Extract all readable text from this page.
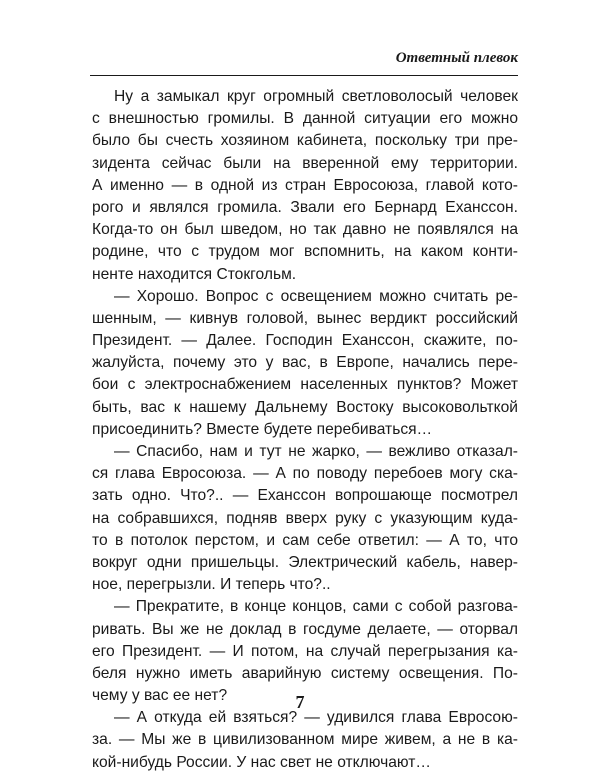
Ответный плевок
Ну а замыкал круг огромный светловолосый человек
с внешностью громилы. В данной ситуации его можно
было бы счесть хозяином кабинета, поскольку три пре-
зидента сейчас были на вверенной ему территории.
А именно — в одной из стран Евросоюза, главой кото-
рого и являлся громила. Звали его Бернард Еханссон.
Когда-то он был шведом, но так давно не появлялся на
родине, что с трудом мог вспомнить, на каком конти-
ненте находится Стокгольм.
— Хорошо. Вопрос с освещением можно считать ре-
шенным, — кивнув головой, вынес вердикт российский
Президент. — Далее. Господин Еханссон, скажите, по-
жалуйста, почему это у вас, в Европе, начались пере-
бои с электроснабжением населенных пунктов? Может
быть, вас к нашему Дальнему Востоку высоковольткой
присоединить? Вместе будете перебиваться…
— Спасибо, нам и тут не жарко, — вежливо отказал-
ся глава Евросоюза. — А по поводу перебоев могу ска-
зать одно. Что?.. — Еханссон вопрошающе посмотрел
на собравшихся, подняв вверх руку с указующим куда-
то в потолок перстом, и сам себе ответил: — А то, что
вокруг одни пришельцы. Электрический кабель, навер-
ное, перегрызли. И теперь что?..
— Прекратите, в конце концов, сами с собой разгова-
ривать. Вы же не доклад в госдуме делаете, — оторвал
его Президент. — И потом, на случай перегрызания ка-
беля нужно иметь аварийную систему освещения. По-
чему у вас ее нет?
— А откуда ей взяться? — удивился глава Евросою-
за. — Мы же в цивилизованном мире живем, а не в ка-
кой-нибудь России. У нас свет не отключают…
7
